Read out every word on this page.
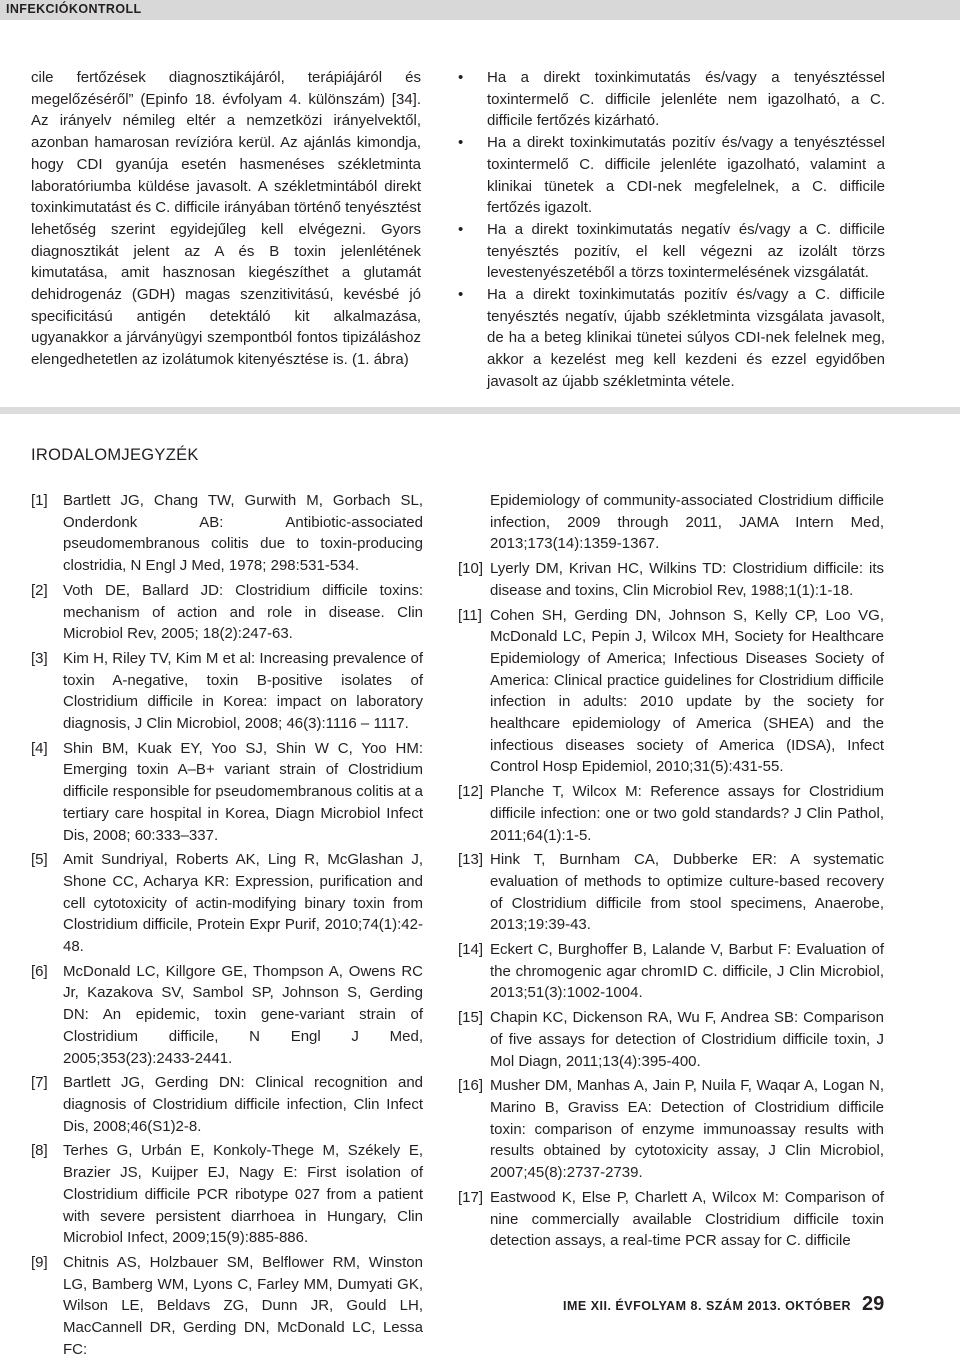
INFEKCIÓKONTROLL
cile fertőzések diagnosztikájáról, terápiájáról és megelőzéséről” (Epinfo 18. évfolyam 4. különszám) [34]. Az irányelv némileg eltér a nemzetközi irányelvektől, azonban hamarosan revízióra kerül. Az ajánlás kimondja, hogy CDI gyanúja esetén hasmenéses székletminta laboratóriumba küldése javasolt. A székletmintából direkt toxinkimutatást és C. difficile irányában történő tenyésztést lehetőség szerint egyidejűleg kell elvégezni. Gyors diagnosztikát jelent az A és B toxin jelenlétének kimutatása, amit hasznosan kiegészíthet a glutamát dehidrogenáz (GDH) magas szenzitivitású, kevésbé jó specificitású antigén detektáló kit alkalmazása, ugyanakkor a járványügyi szempontból fontos tipizáláshoz elengedhetetlen az izolátumok kitenyésztése is. (1. ábra)
• Ha a direkt toxinkimutatás és/vagy a tenyésztéssel toxintermelő C. difficile jelenléte nem igazolható, a C. difficile fertőzés kizárható.
• Ha a direkt toxinkimutatás pozitív és/vagy a tenyésztéssel toxintermelő C. difficile jelenléte igazolható, valamint a klinikai tünetek a CDI-nek megfelelnek, a C. difficile fertőzés igazolt.
• Ha a direkt toxinkimutatás negatív és/vagy a C. difficile tenyésztés pozitív, el kell végezni az izolált törzs levestenyészetéből a törzs toxintermelésének vizsgálatát.
• Ha a direkt toxinkimutatás pozitív és/vagy a C. difficile tenyésztés negatív, újabb székletminta vizsgálata javasolt, de ha a beteg klinikai tünetei súlyos CDI-nek felelnek meg, akkor a kezelést meg kell kezdeni és ezzel egyidőben javasolt az újabb székletminta vétele.
IRODALOMJEGYZÉK
[1] Bartlett JG, Chang TW, Gurwith M, Gorbach SL, Onderdonk AB: Antibiotic-associated pseudomembranous colitis due to toxin-producing clostridia, N Engl J Med, 1978; 298:531-534.
[2] Voth DE, Ballard JD: Clostridium difficile toxins: mechanism of action and role in disease. Clin Microbiol Rev, 2005; 18(2):247-63.
[3] Kim H, Riley TV, Kim M et al: Increasing prevalence of toxin A-negative, toxin B-positive isolates of Clostridium difficile in Korea: impact on laboratory diagnosis, J Clin Microbiol, 2008; 46(3):1116 – 1117.
[4] Shin BM, Kuak EY, Yoo SJ, Shin W C, Yoo HM: Emerging toxin A–B+ variant strain of Clostridium difficile responsible for pseudomembranous colitis at a tertiary care hospital in Korea, Diagn Microbiol Infect Dis, 2008; 60:333–337.
[5] Amit Sundriyal, Roberts AK, Ling R, McGlashan J, Shone CC, Acharya KR: Expression, purification and cell cytotoxicity of actin-modifying binary toxin from Clostridium difficile, Protein Expr Purif, 2010;74(1):42-48.
[6] McDonald LC, Killgore GE, Thompson A, Owens RC Jr, Kazakova SV, Sambol SP, Johnson S, Gerding DN: An epidemic, toxin gene-variant strain of Clostridium difficile, N Engl J Med, 2005;353(23):2433-2441.
[7] Bartlett JG, Gerding DN: Clinical recognition and diagnosis of Clostridium difficile infection, Clin Infect Dis, 2008;46(S1)2-8.
[8] Terhes G, Urbán E, Konkoly-Thege M, Székely E, Brazier JS, Kuijper EJ, Nagy E: First isolation of Clostridium difficile PCR ribotype 027 from a patient with severe persistent diarrhoea in Hungary, Clin Microbiol Infect, 2009;15(9):885-886.
[9] Chitnis AS, Holzbauer SM, Belflower RM, Winston LG, Bamberg WM, Lyons C, Farley MM, Dumyati GK, Wilson LE, Beldavs ZG, Dunn JR, Gould LH, MacCannell DR, Gerding DN, McDonald LC, Lessa FC:
Epidemiology of community-associated Clostridium difficile infection, 2009 through 2011, JAMA Intern Med, 2013;173(14):1359-1367.
[10] Lyerly DM, Krivan HC, Wilkins TD: Clostridium difficile: its disease and toxins, Clin Microbiol Rev, 1988;1(1):1-18.
[11] Cohen SH, Gerding DN, Johnson S, Kelly CP, Loo VG, McDonald LC, Pepin J, Wilcox MH, Society for Healthcare Epidemiology of America; Infectious Diseases Society of America: Clinical practice guidelines for Clostridium difficile infection in adults: 2010 update by the society for healthcare epidemiology of America (SHEA) and the infectious diseases society of America (IDSA), Infect Control Hosp Epidemiol, 2010;31(5):431-55.
[12] Planche T, Wilcox M: Reference assays for Clostridium difficile infection: one or two gold standards? J Clin Pathol, 2011;64(1):1-5.
[13] Hink T, Burnham CA, Dubberke ER: A systematic evaluation of methods to optimize culture-based recovery of Clostridium difficile from stool specimens, Anaerobe, 2013;19:39-43.
[14] Eckert C, Burghoffer B, Lalande V, Barbut F: Evaluation of the chromogenic agar chromID C. difficile, J Clin Microbiol, 2013;51(3):1002-1004.
[15] Chapin KC, Dickenson RA, Wu F, Andrea SB: Comparison of five assays for detection of Clostridium difficile toxin, J Mol Diagn, 2011;13(4):395-400.
[16] Musher DM, Manhas A, Jain P, Nuila F, Waqar A, Logan N, Marino B, Graviss EA: Detection of Clostridium difficile toxin: comparison of enzyme immunoassay results with results obtained by cytotoxicity assay, J Clin Microbiol, 2007;45(8):2737-2739.
[17] Eastwood K, Else P, Charlett A, Wilcox M: Comparison of nine commercially available Clostridium difficile toxin detection assays, a real-time PCR assay for C. difficile
IME XII. ÉVFOLYAM 8. SZÁM 2013. OKTÓBER 29
